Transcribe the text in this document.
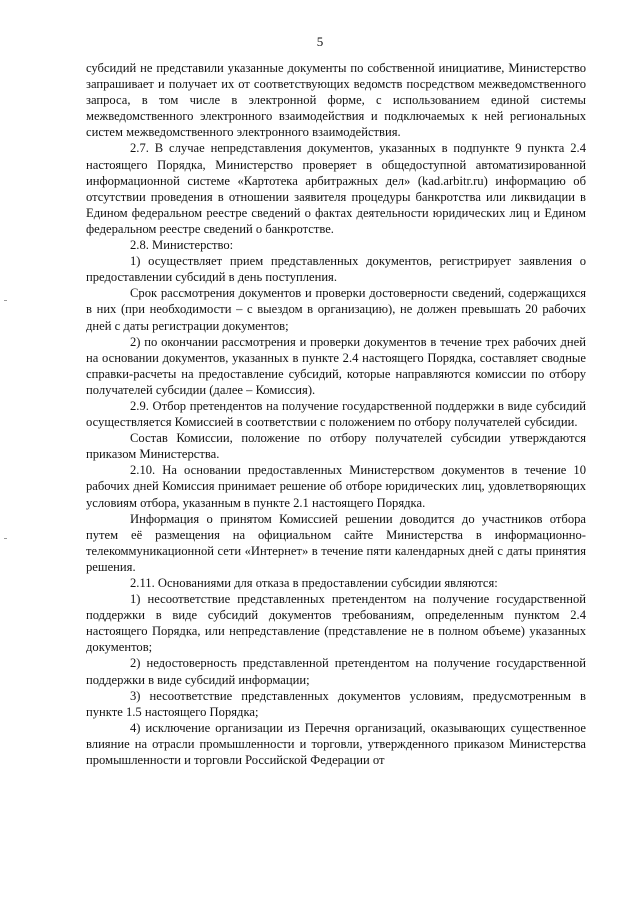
5

субсидий не представили указанные документы по собственной инициативе, Министерство запрашивает и получает их от соответствующих ведомств посредством межведомственного запроса, в том числе в электронной форме, с использованием единой системы межведомственного электронного взаимодействия и подключаемых к ней региональных систем межведомственного электронного взаимодействия.

2.7. В случае непредставления документов, указанных в подпункте 9 пункта 2.4 настоящего Порядка, Министерство проверяет в общедоступной автоматизированной информационной системе «Картотека арбитражных дел» (kad.arbitr.ru) информацию об отсутствии проведения в отношении заявителя процедуры банкротства или ликвидации в Едином федеральном реестре сведений о фактах деятельности юридических лиц и Едином федеральном реестре сведений о банкротстве.

2.8. Министерство:

1) осуществляет прием представленных документов, регистрирует заявления о предоставлении субсидий в день поступления.

Срок рассмотрения документов и проверки достоверности сведений, содержащихся в них (при необходимости – с выездом в организацию), не должен превышать 20 рабочих дней с даты регистрации документов;

2) по окончании рассмотрения и проверки документов в течение трех рабочих дней на основании документов, указанных в пункте 2.4 настоящего Порядка, составляет сводные справки-расчеты на предоставление субсидий, которые направляются комиссии по отбору получателей субсидии (далее – Комиссия).

2.9. Отбор претендентов на получение государственной поддержки в виде субсидий осуществляется Комиссией в соответствии с положением по отбору получателей субсидии.

Состав Комиссии, положение по отбору получателей субсидии утверждаются приказом Министерства.

2.10. На основании предоставленных Министерством документов в течение 10 рабочих дней Комиссия принимает решение об отборе юридических лиц, удовлетворяющих условиям отбора, указанным в пункте 2.1 настоящего Порядка.

Информация о принятом Комиссией решении доводится до участников отбора путем её размещения на официальном сайте Министерства в информационно-телекоммуникационной сети «Интернет» в течение пяти календарных дней с даты принятия решения.

2.11. Основаниями для отказа в предоставлении субсидии являются:

1) несоответствие представленных претендентом на получение государственной поддержки в виде субсидий документов требованиям, определенным пунктом 2.4 настоящего Порядка, или непредставление (представление не в полном объеме) указанных документов;

2) недостоверность представленной претендентом на получение государственной поддержки в виде субсидий информации;

3) несоответствие представленных документов условиям, предусмотренным в пункте 1.5 настоящего Порядка;

4) исключение организации из Перечня организаций, оказывающих существенное влияние на отрасли промышленности и торговли, утвержденного приказом Министерства промышленности и торговли Российской Федерации от
